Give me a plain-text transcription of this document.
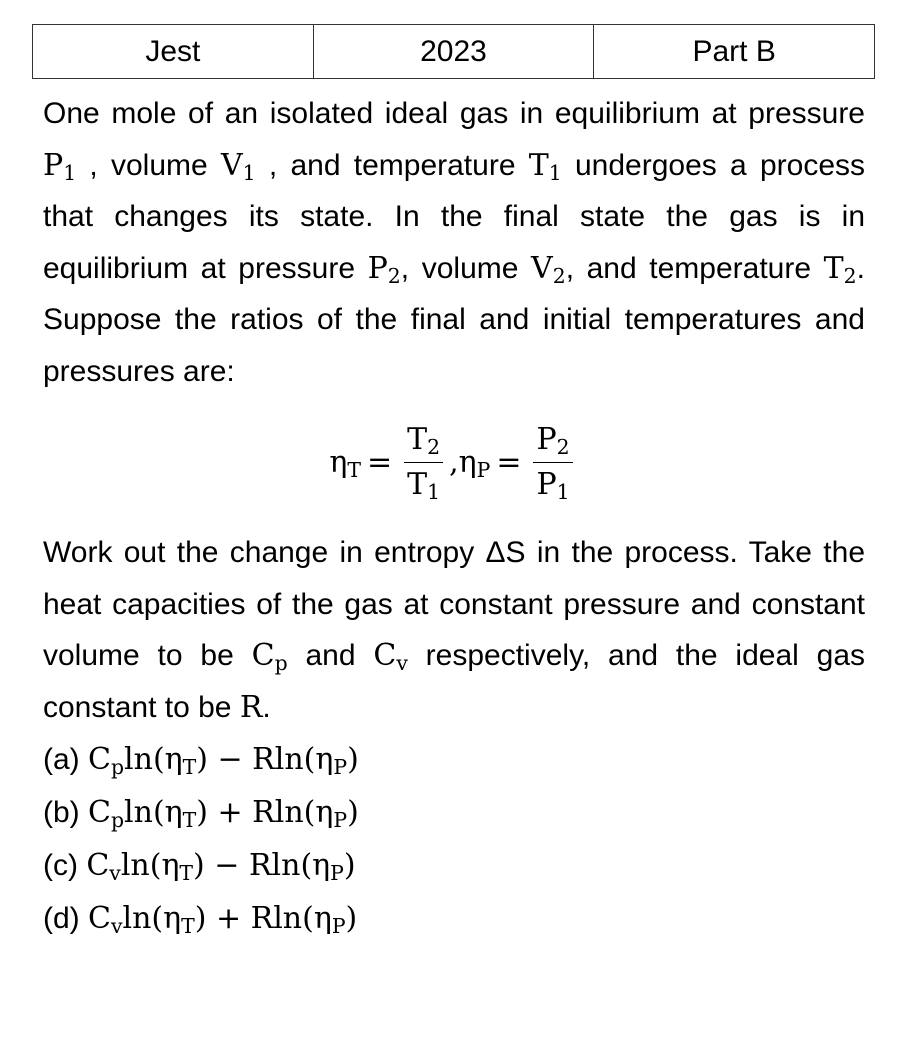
Jest	2023	Part B

One mole of an isolated ideal gas in equilibrium at pressure $P_1$ , volume $V_1$ , and temperature $T_1$ undergoes a process that changes its state. In the final state the gas is in equilibrium at pressure $P_2$, volume $V_2$, and temperature $T_2$. Suppose the ratios of the final and initial temperatures and pressures are:

$\eta_T = \frac{T_2}{T_1}$ , $\eta_P = \frac{P_2}{P_1}$

Work out the change in entropy ΔS in the process. Take the heat capacities of the gas at constant pressure and constant volume to be $C_p$ and $C_v$ respectively, and the ideal gas constant to be R.

(a) $C_p\ln(\eta_T) - Rln(\eta_P)$

(b) $C_p\ln(\eta_T) + Rln(\eta_P)$

(c) $C_v\ln(\eta_T) - Rln(\eta_P)$

(d) $C_v\ln(\eta_T) + Rln(\eta_P)$
